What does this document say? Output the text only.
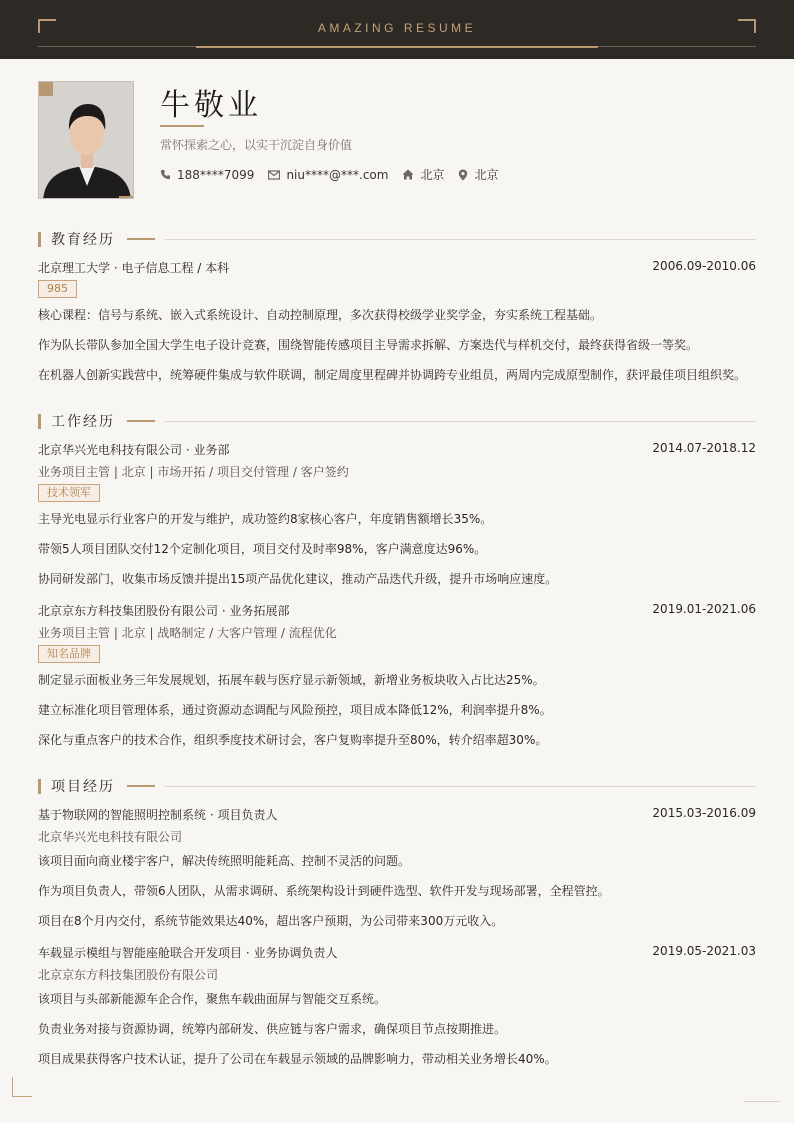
AMAZING RESUME
牛敬业
常怀探索之心，以实干沉淀自身价值
188****7099	niu****@***.com	北京	北京
教育经历
北京理工大学 · 电子信息工程 / 本科	2006.09-2010.06
985
核心课程：信号与系统、嵌入式系统设计、自动控制原理，多次获得校级学业奖学金，夯实系统工程基础。
作为队长带队参加全国大学生电子设计竞赛，围绕智能传感项目主导需求拆解、方案迭代与样机交付，最终获得省级一等奖。
在机器人创新实践营中，统筹硬件集成与软件联调，制定周度里程碑并协调跨专业组员，两周内完成原型制作，获评最佳项目组织奖。
工作经历
北京华兴光电科技有限公司 · 业务部	2014.07-2018.12
业务项目主管 | 北京 | 市场开拓 / 项目交付管理 / 客户签约
技术领军
主导光电显示行业客户的开发与维护，成功签约8家核心客户，年度销售额增长35%。
带领5人项目团队交付12个定制化项目，项目交付及时率98%，客户满意度达96%。
协同研发部门，收集市场反馈并提出15项产品优化建议，推动产品迭代升级，提升市场响应速度。
北京京东方科技集团股份有限公司 · 业务拓展部	2019.01-2021.06
业务项目主管 | 北京 | 战略制定 / 大客户管理 / 流程优化
知名品牌
制定显示面板业务三年发展规划，拓展车载与医疗显示新领域，新增业务板块收入占比达25%。
建立标准化项目管理体系，通过资源动态调配与风险预控，项目成本降低12%，利润率提升8%。
深化与重点客户的技术合作，组织季度技术研讨会，客户复购率提升至80%，转介绍率超30%。
项目经历
基于物联网的智能照明控制系统 · 项目负责人	2015.03-2016.09
北京华兴光电科技有限公司
该项目面向商业楼宇客户，解决传统照明能耗高、控制不灵活的问题。
作为项目负责人，带领6人团队，从需求调研、系统架构设计到硬件选型、软件开发与现场部署，全程管控。
项目在8个月内交付，系统节能效果达40%，超出客户预期，为公司带来300万元收入。
车载显示模组与智能座舱联合开发项目 · 业务协调负责人	2019.05-2021.03
北京京东方科技集团股份有限公司
该项目与头部新能源车企合作，聚焦车载曲面屏与智能交互系统。
负责业务对接与资源协调，统筹内部研发、供应链与客户需求，确保项目节点按期推进。
项目成果获得客户技术认证，提升了公司在车载显示领域的品牌影响力，带动相关业务增长40%。
